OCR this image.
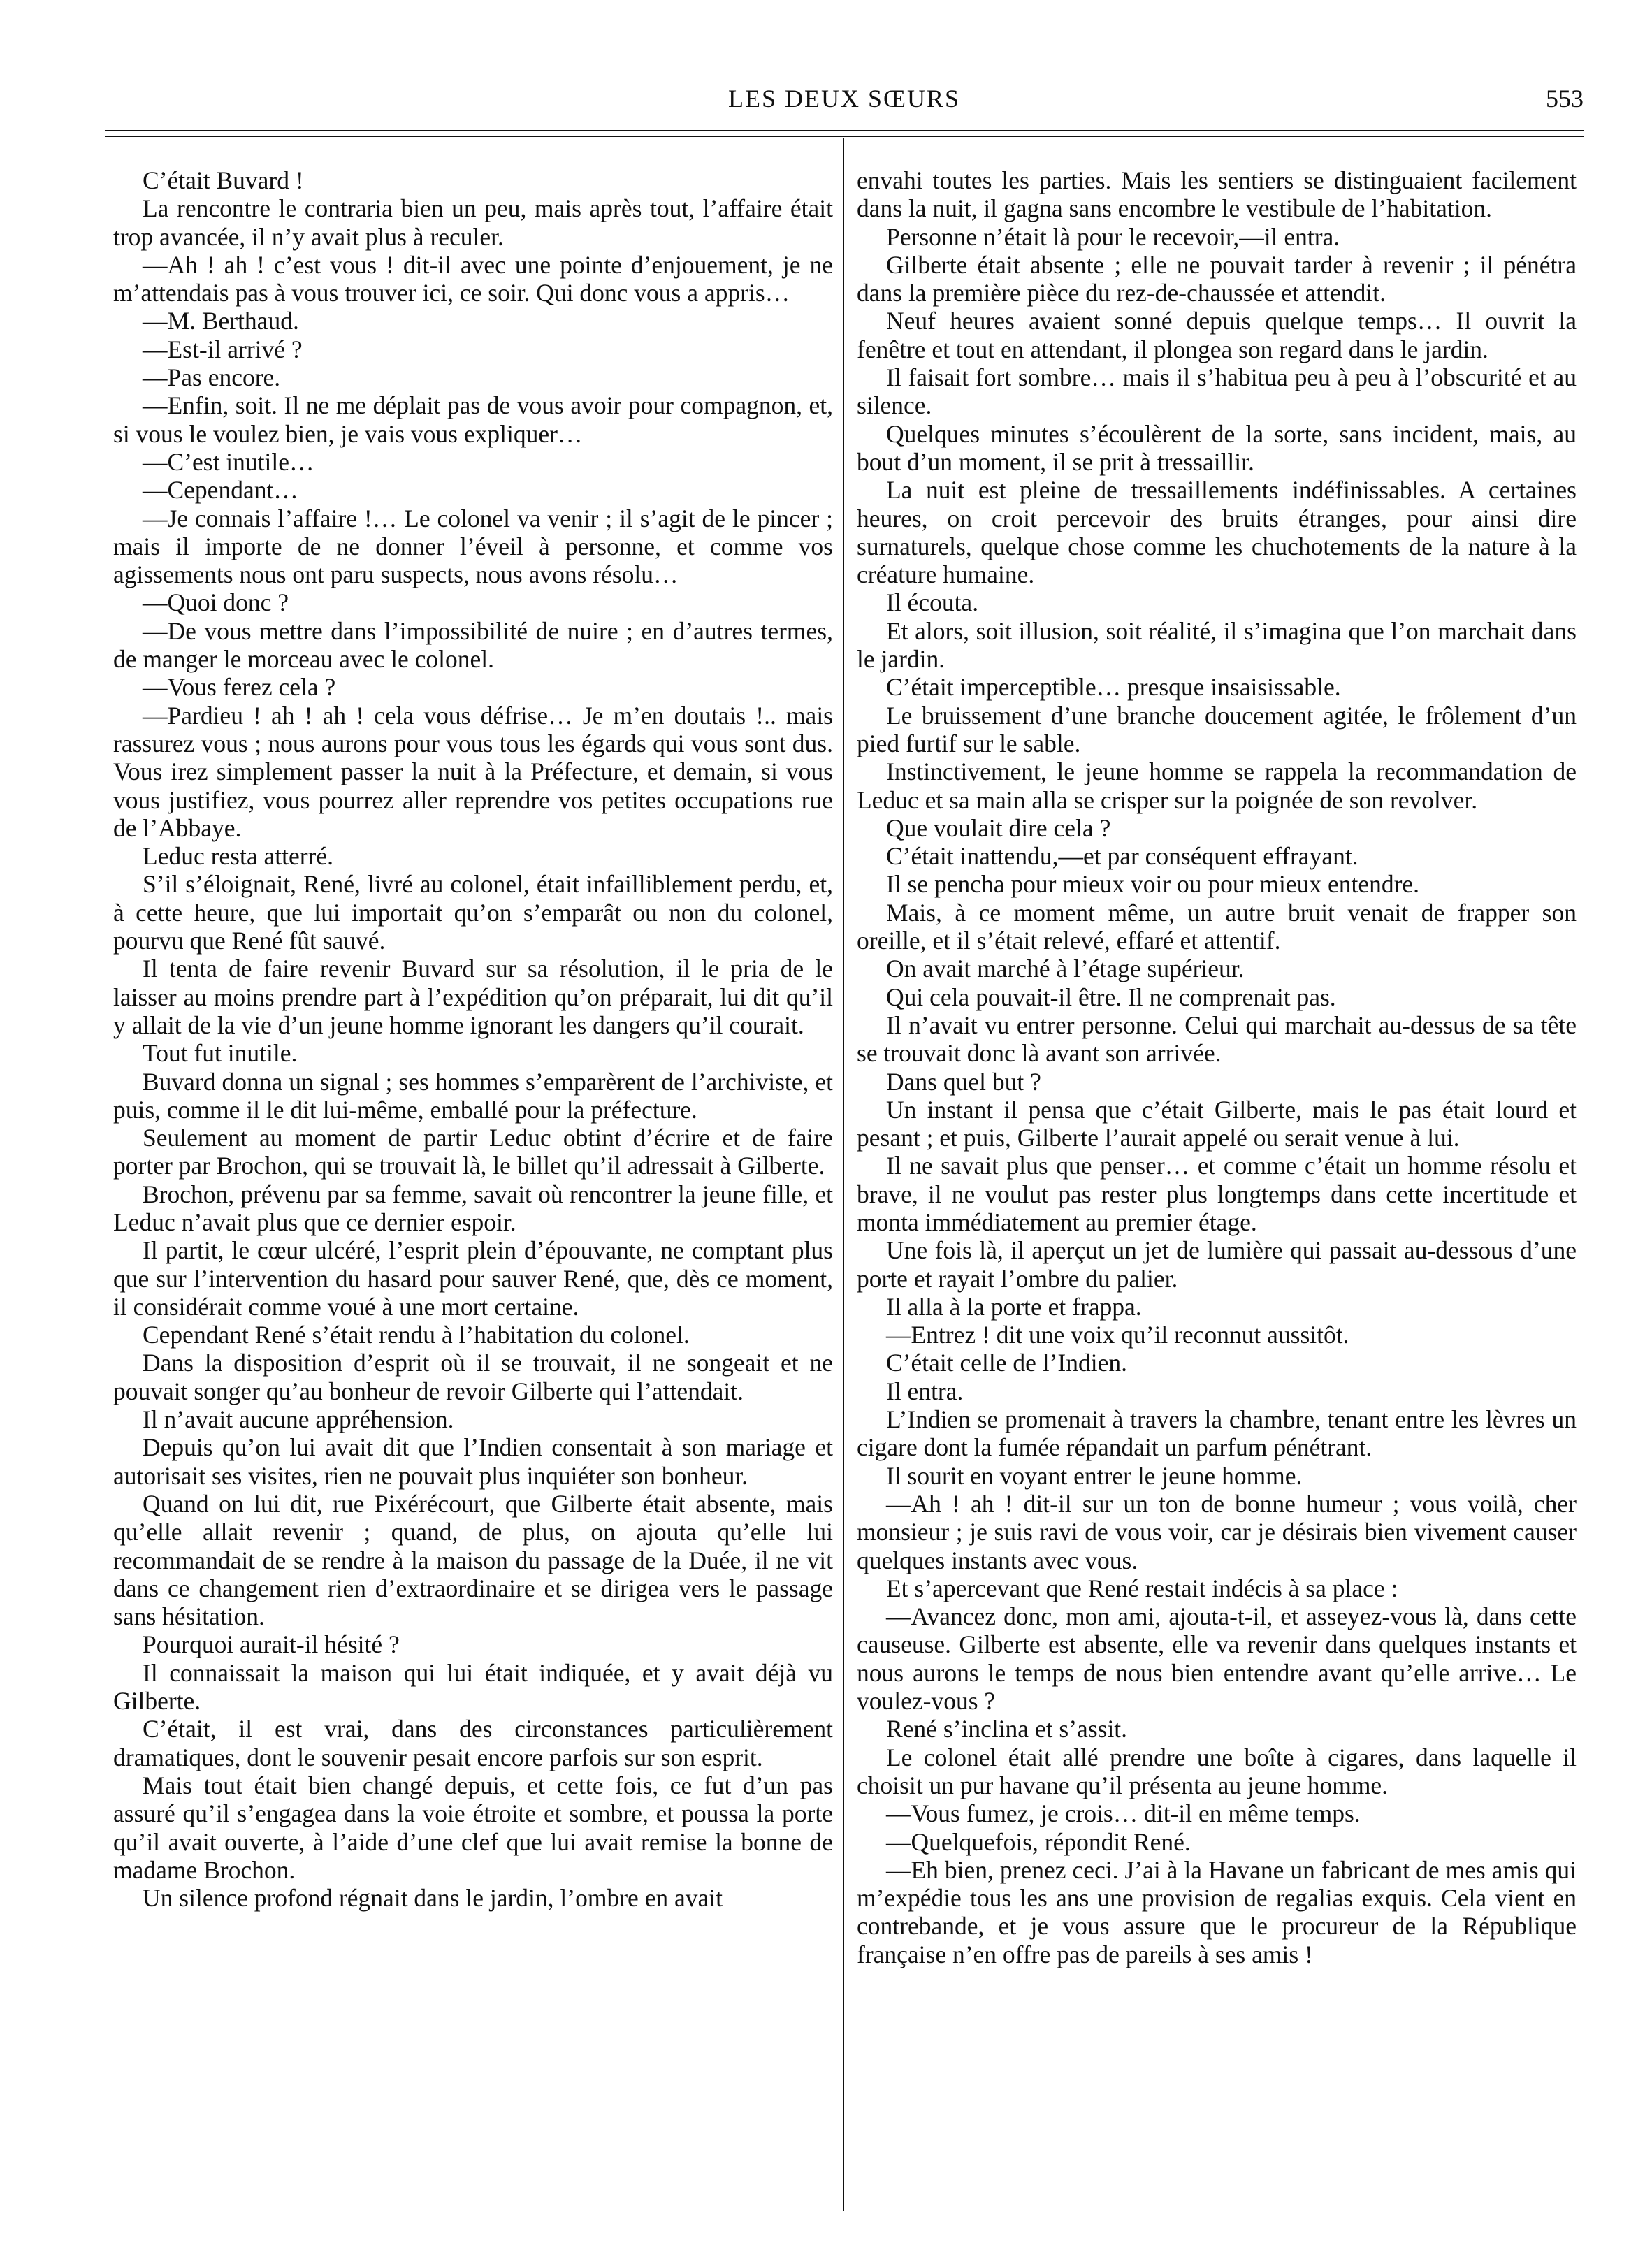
LES DEUX SŒURS	553

C’était Buvard !

La rencontre le contraria bien un peu, mais après tout, l’affaire était trop avancée, il n’y avait plus à reculer.

—Ah ! ah ! c’est vous ! dit-il avec une pointe d’enjouement, je ne m’attendais pas à vous trouver ici, ce soir. Qui donc vous a appris…

—M. Berthaud.

—Est-il arrivé ?

—Pas encore.

—Enfin, soit. Il ne me déplait pas de vous avoir pour compagnon, et, si vous le voulez bien, je vais vous expliquer…

—C’est inutile…

—Cependant…

—Je connais l’affaire !… Le colonel va venir ; il s’agit de le pincer ; mais il importe de ne donner l’éveil à personne, et comme vos agissements nous ont paru suspects, nous avons résolu…

—Quoi donc ?

—De vous mettre dans l’impossibilité de nuire ; en d’autres termes, de manger le morceau avec le colonel.

—Vous ferez cela ?

—Pardieu ! ah ! ah ! cela vous défrise… Je m’en doutais !.. mais rassurez vous ; nous aurons pour vous tous les égards qui vous sont dus. Vous irez simplement passer la nuit à la Préfecture, et demain, si vous vous justifiez, vous pourrez aller reprendre vos petites occupations rue de l’Abbaye.

Leduc resta atterré.

S’il s’éloignait, René, livré au colonel, était infailliblement perdu, et, à cette heure, que lui importait qu’on s’emparât ou non du colonel, pourvu que René fût sauvé.

Il tenta de faire revenir Buvard sur sa résolution, il le pria de le laisser au moins prendre part à l’expédition qu’on préparait, lui dit qu’il y allait de la vie d’un jeune homme ignorant les dangers qu’il courait.

Tout fut inutile.

Buvard donna un signal ; ses hommes s’emparèrent de l’archiviste, et puis, comme il le dit lui-même, emballé pour la préfecture.

Seulement au moment de partir Leduc obtint d’écrire et de faire porter par Brochon, qui se trouvait là, le billet qu’il adressait à Gilberte.

Brochon, prévenu par sa femme, savait où rencontrer la jeune fille, et Leduc n’avait plus que ce dernier espoir.

Il partit, le cœur ulcéré, l’esprit plein d’épouvante, ne comptant plus que sur l’intervention du hasard pour sauver René, que, dès ce moment, il considérait comme voué à une mort certaine.

Cependant René s’était rendu à l’habitation du colonel.

Dans la disposition d’esprit où il se trouvait, il ne songeait et ne pouvait songer qu’au bonheur de revoir Gilberte qui l’attendait.

Il n’avait aucune appréhension.

Depuis qu’on lui avait dit que l’Indien consentait à son mariage et autorisait ses visites, rien ne pouvait plus inquiéter son bonheur.

Quand on lui dit, rue Pixérécourt, que Gilberte était absente, mais qu’elle allait revenir ; quand, de plus, on ajouta qu’elle lui recommandait de se rendre à la maison du passage de la Duée, il ne vit dans ce changement rien d’extraordinaire et se dirigea vers le passage sans hésitation.

Pourquoi aurait-il hésité ?

Il connaissait la maison qui lui était indiquée, et y avait déjà vu Gilberte.

C’était, il est vrai, dans des circonstances particulièrement dramatiques, dont le souvenir pesait encore parfois sur son esprit.

Mais tout était bien changé depuis, et cette fois, ce fut d’un pas assuré qu’il s’engagea dans la voie étroite et sombre, et poussa la porte qu’il avait ouverte, à l’aide d’une clef que lui avait remise la bonne de madame Brochon.

Un silence profond régnait dans le jardin, l’ombre en avait

envahi toutes les parties. Mais les sentiers se distinguaient facilement dans la nuit, il gagna sans encombre le vestibule de l’habitation.

Personne n’était là pour le recevoir,—il entra.

Gilberte était absente ; elle ne pouvait tarder à revenir ; il pénétra dans la première pièce du rez-de-chaussée et attendit.

Neuf heures avaient sonné depuis quelque temps… Il ouvrit la fenêtre et tout en attendant, il plongea son regard dans le jardin.

Il faisait fort sombre… mais il s’habitua peu à peu à l’obscurité et au silence.

Quelques minutes s’écoulèrent de la sorte, sans incident, mais, au bout d’un moment, il se prit à tressaillir.

La nuit est pleine de tressaillements indéfinissables. A certaines heures, on croit percevoir des bruits étranges, pour ainsi dire surnaturels, quelque chose comme les chuchotements de la nature à la créature humaine.

Il écouta.

Et alors, soit illusion, soit réalité, il s’imagina que l’on marchait dans le jardin.

C’était imperceptible… presque insaisissable.

Le bruissement d’une branche doucement agitée, le frôlement d’un pied furtif sur le sable.

Instinctivement, le jeune homme se rappela la recommandation de Leduc et sa main alla se crisper sur la poignée de son revolver.

Que voulait dire cela ?

C’était inattendu,—et par conséquent effrayant.

Il se pencha pour mieux voir ou pour mieux entendre.

Mais, à ce moment même, un autre bruit venait de frapper son oreille, et il s’était relevé, effaré et attentif.

On avait marché à l’étage supérieur.

Qui cela pouvait-il être. Il ne comprenait pas.

Il n’avait vu entrer personne. Celui qui marchait au-dessus de sa tête se trouvait donc là avant son arrivée.

Dans quel but ?

Un instant il pensa que c’était Gilberte, mais le pas était lourd et pesant ; et puis, Gilberte l’aurait appelé ou serait venue à lui.

Il ne savait plus que penser… et comme c’était un homme résolu et brave, il ne voulut pas rester plus longtemps dans cette incertitude et monta immédiatement au premier étage.

Une fois là, il aperçut un jet de lumière qui passait au-dessous d’une porte et rayait l’ombre du palier.

Il alla à la porte et frappa.

—Entrez ! dit une voix qu’il reconnut aussitôt.

C’était celle de l’Indien.

Il entra.

L’Indien se promenait à travers la chambre, tenant entre les lèvres un cigare dont la fumée répandait un parfum pénétrant.

Il sourit en voyant entrer le jeune homme.

—Ah ! ah ! dit-il sur un ton de bonne humeur ; vous voilà, cher monsieur ; je suis ravi de vous voir, car je désirais bien vivement causer quelques instants avec vous.

Et s’apercevant que René restait indécis à sa place :

—Avancez donc, mon ami, ajouta-t-il, et asseyez-vous là, dans cette causeuse. Gilberte est absente, elle va revenir dans quelques instants et nous aurons le temps de nous bien entendre avant qu’elle arrive… Le voulez-vous ?

René s’inclina et s’assit.

Le colonel était allé prendre une boîte à cigares, dans laquelle il choisit un pur havane qu’il présenta au jeune homme.

—Vous fumez, je crois… dit-il en même temps.

—Quelquefois, répondit René.

—Eh bien, prenez ceci. J’ai à la Havane un fabricant de mes amis qui m’expédie tous les ans une provision de regalias exquis. Cela vient en contrebande, et je vous assure que le procureur de la République française n’en offre pas de pareils à ses amis !
